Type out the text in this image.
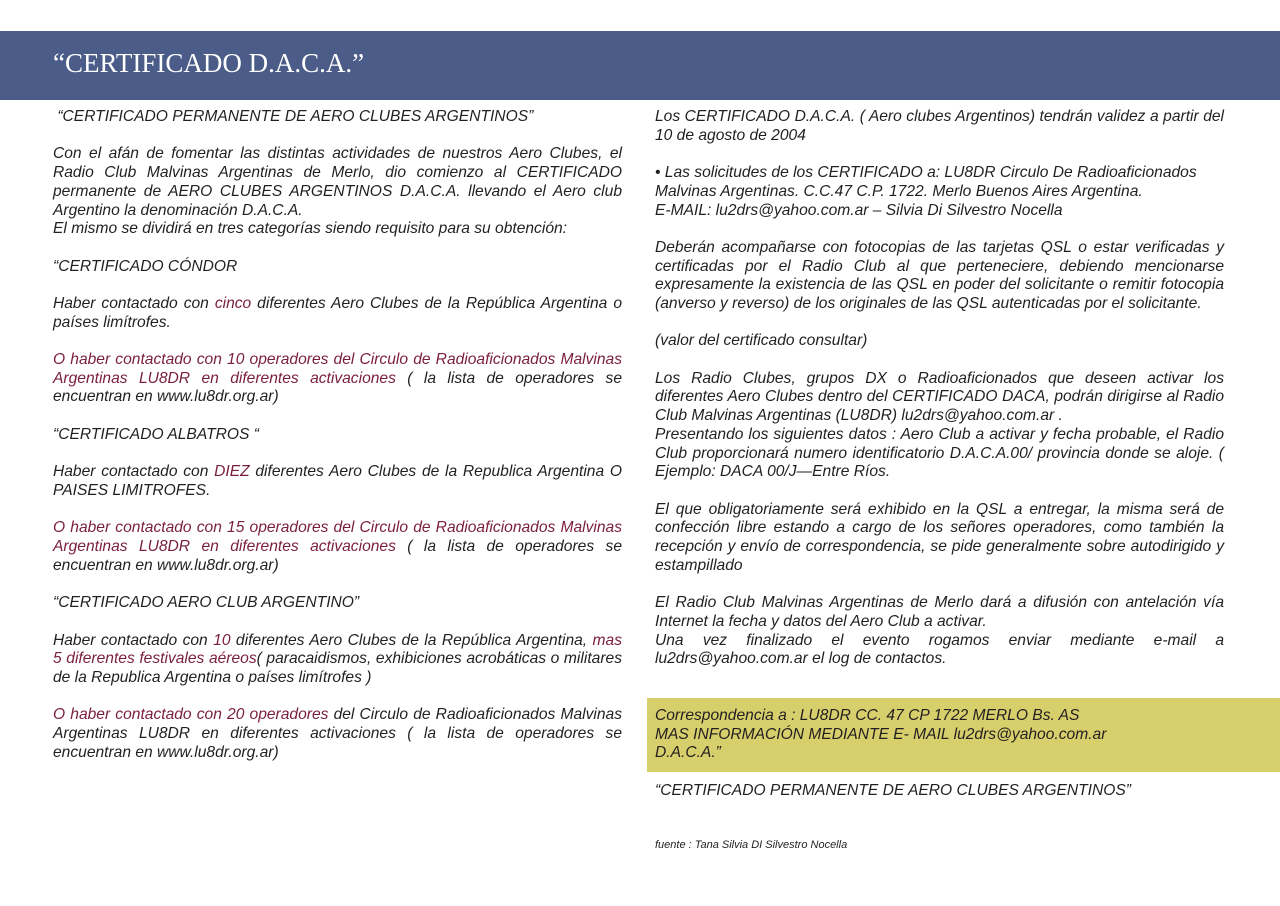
“CERTIFICADO D.A.C.A.”

“CERTIFICADO PERMANENTE DE AERO CLUBES ARGENTINOS”

Con el afán de fomentar las distintas actividades de nuestros Aero Clubes, el Radio Club Malvinas Argentinas de Merlo, dio comienzo al CERTIFICADO permanente de AERO CLUBES ARGENTINOS D.A.C.A. llevando el Aero club Argentino la denominación D.A.C.A.

El mismo se dividirá en tres categorías siendo requisito para su obtención:

“CERTIFICADO CÓNDOR

Haber contactado con cinco diferentes Aero Clubes de la República Argentina o países limítrofes.

O haber contactado con 10 operadores del Circulo de Radioaficionados Malvinas Argentinas LU8DR en diferentes activaciones ( la lista de operadores se encuentran en www.lu8dr.org.ar)

“CERTIFICADO ALBATROS “

Haber contactado con DIEZ diferentes Aero Clubes de la Republica Argentina O PAISES LIMITROFES.

O haber contactado con 15 operadores del Circulo de Radioaficionados Malvinas Argentinas LU8DR en diferentes activaciones ( la lista de operadores se encuentran en www.lu8dr.org.ar)

“CERTIFICADO AERO CLUB ARGENTINO”

Haber contactado con 10 diferentes Aero Clubes de la República Argentina, mas 5 diferentes festivales aéreos( paracaidismos, exhibiciones acrobáticas o militares de la Republica Argentina o países limítrofes )

O haber contactado con 20 operadores del Circulo de Radioaficionados Malvinas Argentinas LU8DR en diferentes activaciones ( la lista de operadores se encuentran en www.lu8dr.org.ar)

Los CERTIFICADO D.A.C.A. ( Aero clubes Argentinos) tendrán validez a partir del 10 de agosto de 2004

• Las solicitudes de los CERTIFICADO a: LU8DR Circulo De Radioaficionados Malvinas Argentinas. C.C.47 C.P. 1722. Merlo Buenos Aires Argentina.

E-MAIL: lu2drs@yahoo.com.ar – Silvia Di Silvestro Nocella

Deberán acompañarse con fotocopias de las tarjetas QSL o estar verificadas y certificadas por el Radio Club al que perteneciere, debiendo mencionarse expresamente la existencia de las QSL en poder del solicitante o remitir fotocopia (anverso y reverso) de los originales de las QSL autenticadas por el solicitante.

(valor del certificado consultar)

Los Radio Clubes, grupos DX o Radioaficionados que deseen activar los diferentes Aero Clubes dentro del CERTIFICADO DACA, podrán dirigirse al Radio Club Malvinas Argentinas (LU8DR) lu2drs@yahoo.com.ar .

Presentando los siguientes datos : Aero Club a activar y fecha probable, el Radio Club proporcionará numero identificatorio D.A.C.A.00/ provincia donde se aloje. ( Ejemplo: DACA 00/J—Entre Ríos.

El que obligatoriamente será exhibido en la QSL a entregar, la misma será de confección libre estando a cargo de los señores operadores, como también la recepción y envío de correspondencia, se pide generalmente sobre autodirigido y estampillado

El Radio Club Malvinas Argentinas de Merlo dará a difusión con antelación vía Internet la fecha y datos del Aero Club a activar.

Una vez finalizado el evento rogamos enviar mediante e-mail a lu2drs@yahoo.com.ar el log de contactos.

Correspondencia a : LU8DR CC. 47 CP 1722 MERLO Bs. AS
MAS INFORMACIÓN MEDIANTE E- MAIL lu2drs@yahoo.com.ar
D.A.C.A.”
“CERTIFICADO PERMANENTE DE AERO CLUBES ARGENTINOS”
fuente : Tana Silvia DI Silvestro Nocella
